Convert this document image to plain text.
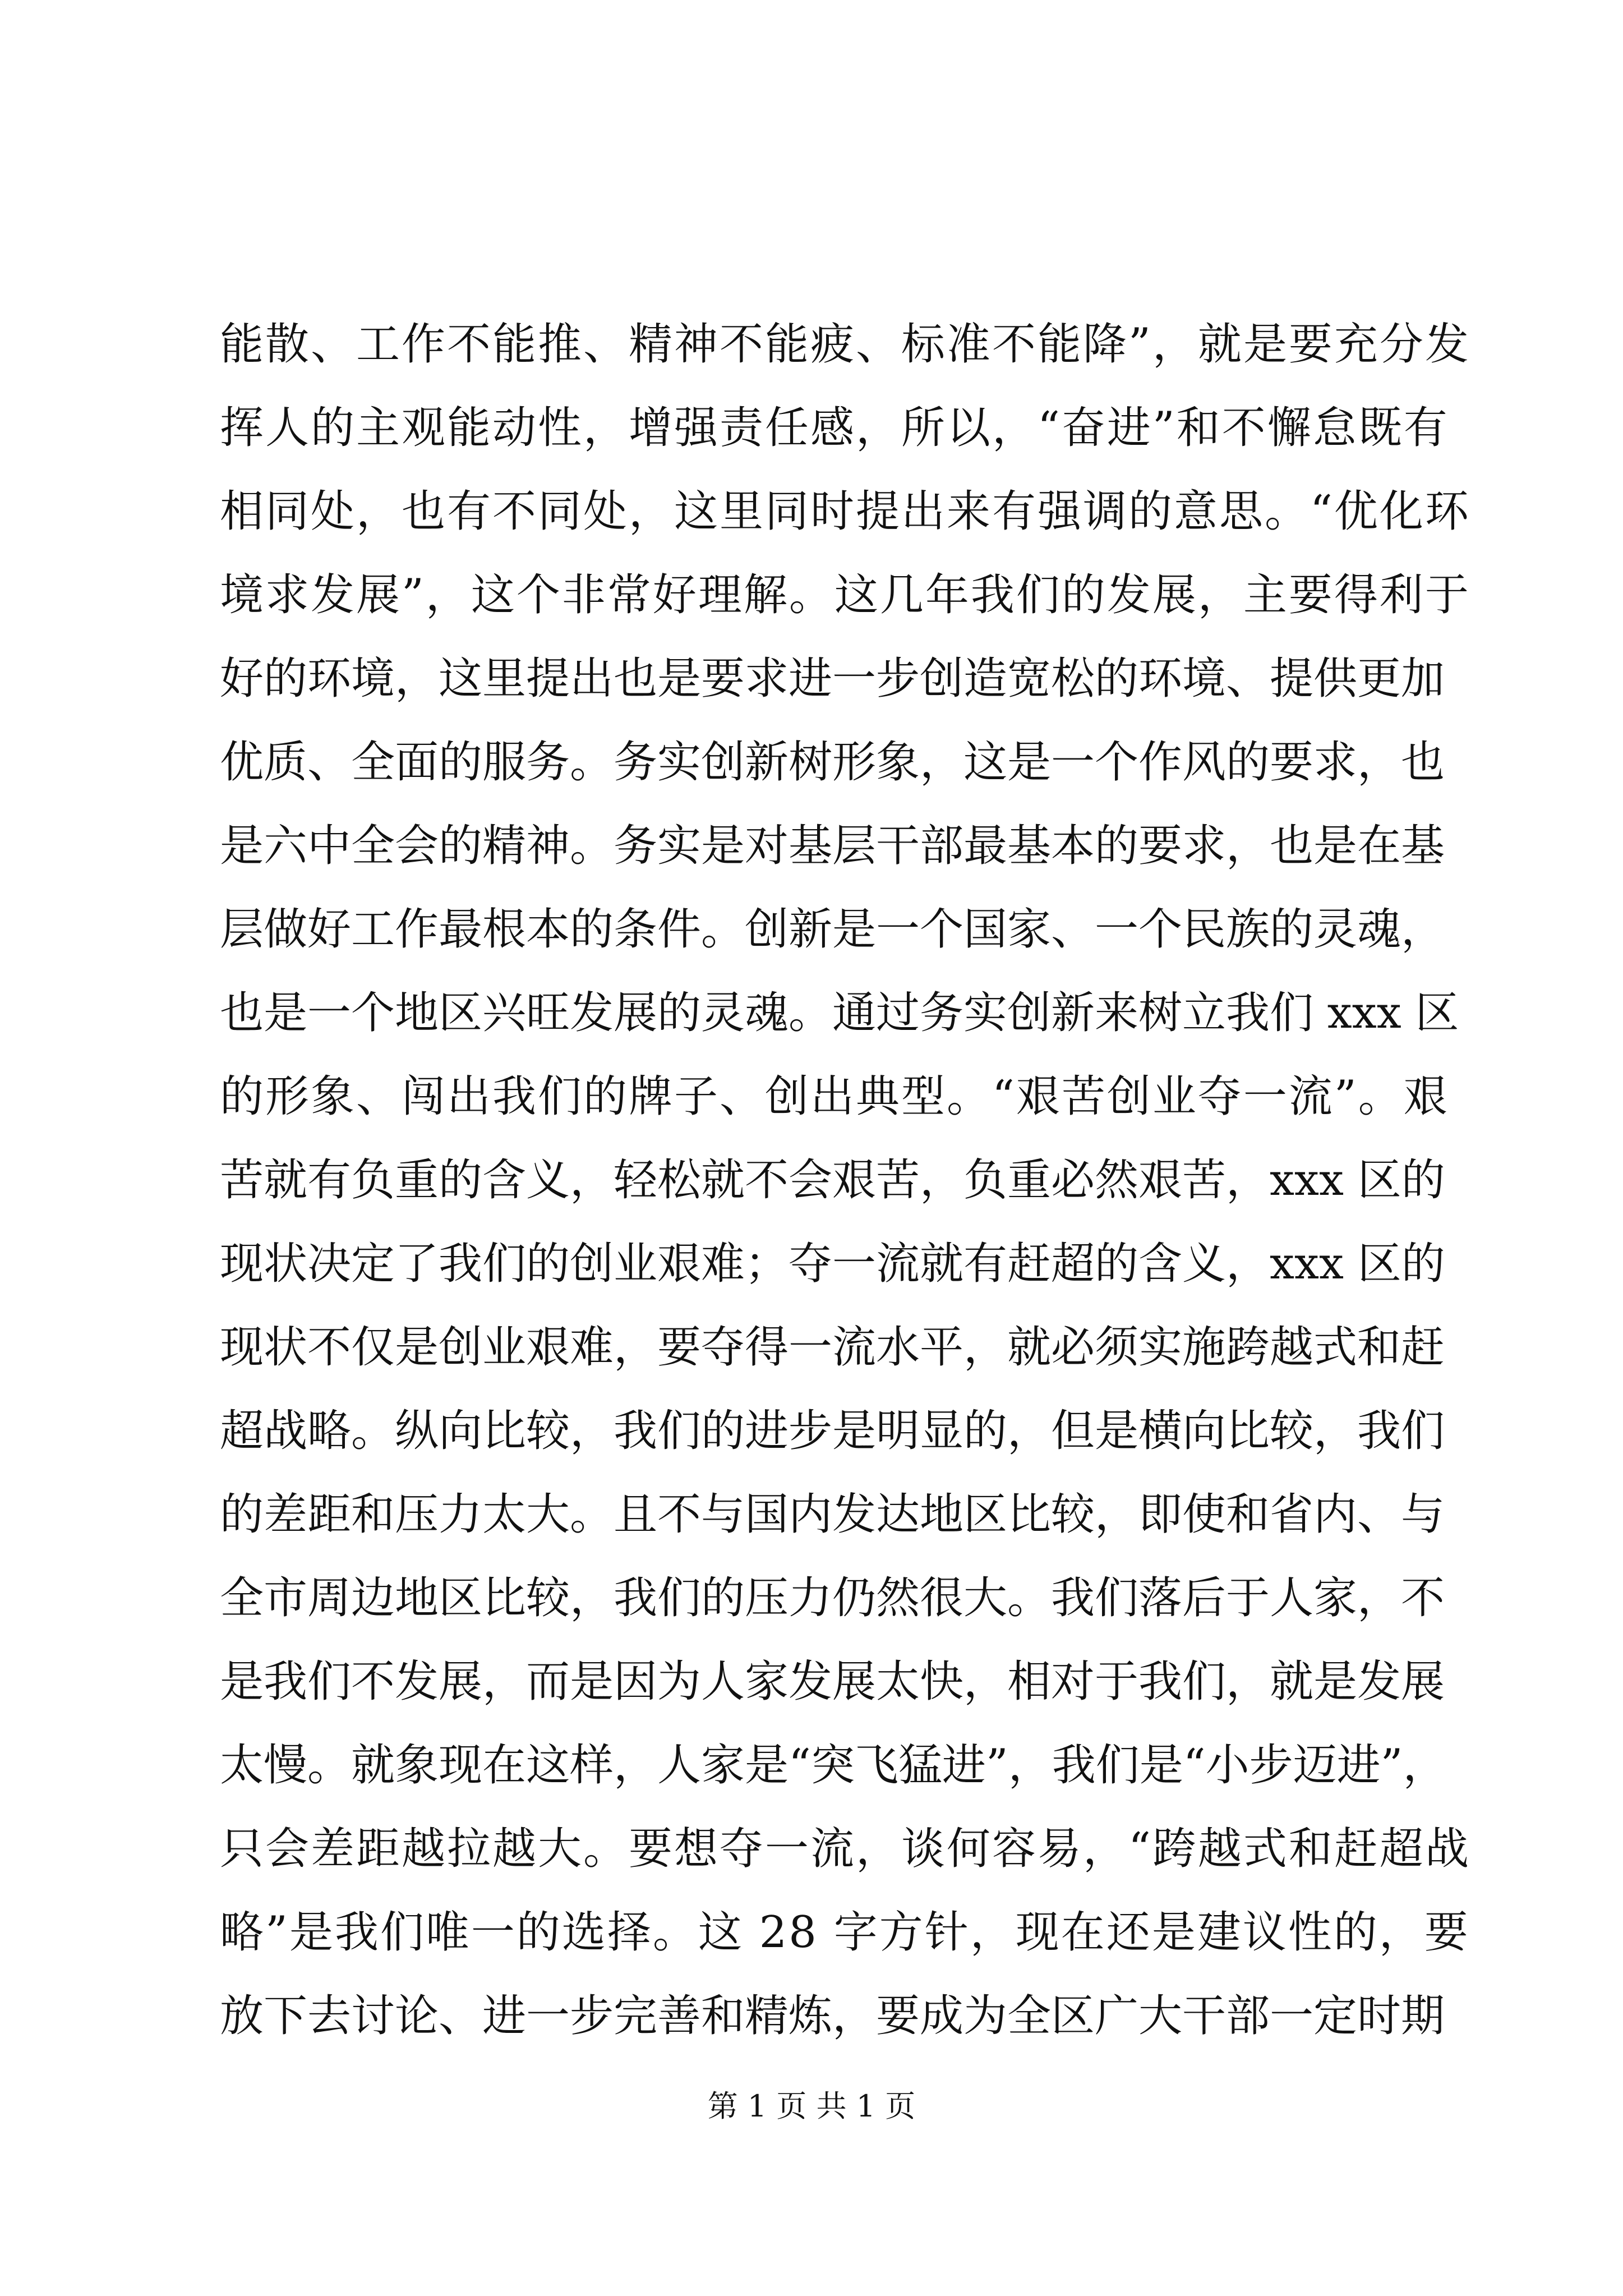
能散、工作不能推、精神不能疲、标准不能降”，就是要充分发
挥人的主观能动性，增强责任感，所以，“奋进”和不懈怠既有
相同处，也有不同处，这里同时提出来有强调的意思。“优化环
境求发展”，这个非常好理解。这几年我们的发展，主要得利于
好的环境，这里提出也是要求进一步创造宽松的环境、提供更加
优质、全面的服务。务实创新树形象，这是一个作风的要求，也
是六中全会的精神。务实是对基层干部最基本的要求，也是在基
层做好工作最根本的条件。创新是一个国家、一个民族的灵魂，
也是一个地区兴旺发展的灵魂。通过务实创新来树立我们 xxx 区
的形象、闯出我们的牌子、创出典型。“艰苦创业夺一流”。艰
苦就有负重的含义，轻松就不会艰苦，负重必然艰苦，xxx 区的
现状决定了我们的创业艰难；夺一流就有赶超的含义，xxx 区的
现状不仅是创业艰难，要夺得一流水平，就必须实施跨越式和赶
超战略。纵向比较，我们的进步是明显的，但是横向比较，我们
的差距和压力太大。且不与国内发达地区比较，即使和省内、与
全市周边地区比较，我们的压力仍然很大。我们落后于人家，不
是我们不发展，而是因为人家发展太快，相对于我们，就是发展
太慢。就象现在这样，人家是“突飞猛进”，我们是“小步迈进”，
只会差距越拉越大。要想夺一流，谈何容易，“跨越式和赶超战
略”是我们唯一的选择。这 28 字方针，现在还是建议性的，要
放下去讨论、进一步完善和精炼，要成为全区广大干部一定时期
第 1 页 共 1 页
